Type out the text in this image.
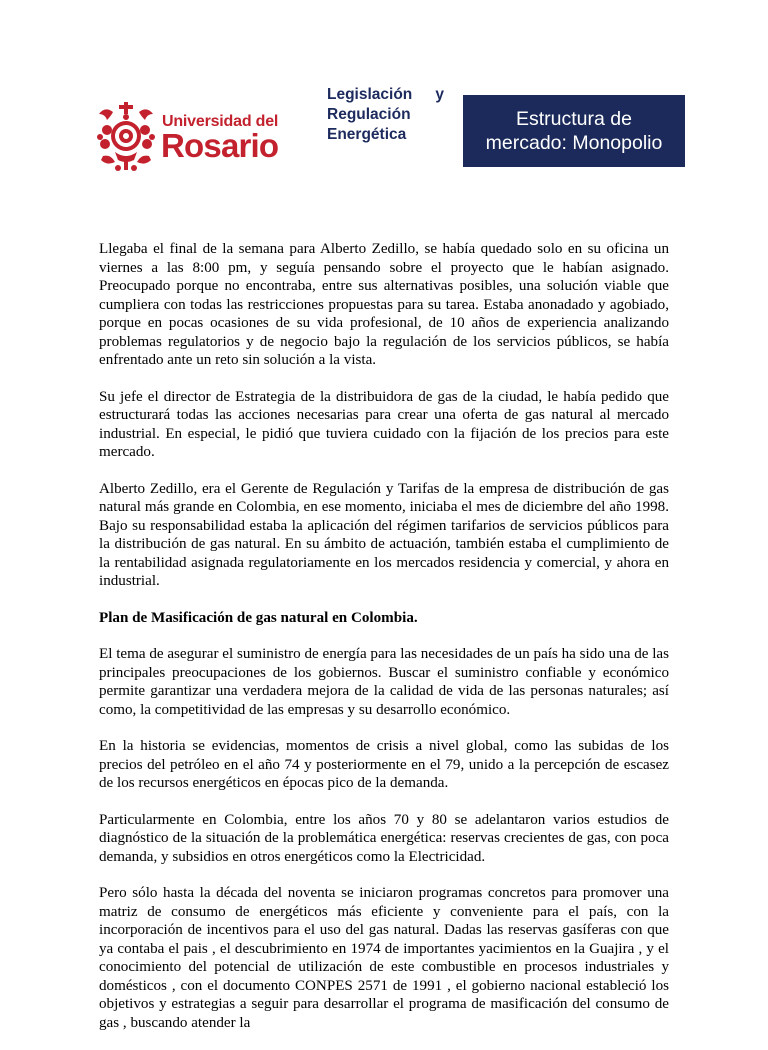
Universidad del
Rosario
Legislación y
Regulación
Energética
Estructura de
mercado: Monopolio

Llegaba el final de la semana para Alberto Zedillo, se había quedado solo en su oficina un viernes a las 8:00 pm, y seguía pensando sobre el proyecto que le habían asignado. Preocupado porque no encontraba, entre sus alternativas posibles, una solución viable que cumpliera con todas las restricciones propuestas para su tarea. Estaba anonadado y agobiado, porque en pocas ocasiones de su vida profesional, de 10 años de experiencia analizando problemas regulatorios y de negocio bajo la regulación de los servicios públicos, se había enfrentado ante un reto sin solución a la vista.

Su jefe el director de Estrategia de la distribuidora de gas de la ciudad, le había pedido que estructurará todas las acciones necesarias para crear una oferta de gas natural al mercado industrial. En especial, le pidió que tuviera cuidado con la fijación de los precios para este mercado.

Alberto Zedillo, era el Gerente de Regulación y Tarifas de la empresa de distribución de gas natural más grande en Colombia, en ese momento, iniciaba el mes de diciembre del año 1998. Bajo su responsabilidad estaba la aplicación del régimen tarifarios de servicios públicos para la distribución de gas natural. En su ámbito de actuación, también estaba el cumplimiento de la rentabilidad asignada regulatoriamente en los mercados residencia y comercial, y ahora en industrial.

Plan de Masificación de gas natural en Colombia.

El tema de asegurar el suministro de energía para las necesidades de un país ha sido una de las principales preocupaciones de los gobiernos. Buscar el suministro confiable y económico permite garantizar una verdadera mejora de la calidad de vida de las personas naturales; así como, la competitividad de las empresas y su desarrollo económico.

En la historia se evidencias, momentos de crisis a nivel global, como las subidas de los precios del petróleo en el año 74 y posteriormente en el 79, unido a la percepción de escasez de los recursos energéticos en épocas pico de la demanda.

Particularmente en Colombia, entre los años 70 y 80 se adelantaron varios estudios de diagnóstico de la situación de la problemática energética: reservas crecientes de gas, con poca demanda, y subsidios en otros energéticos como la Electricidad.

Pero sólo hasta la década del noventa se iniciaron programas concretos para promover una matriz de consumo de energéticos más eficiente y conveniente para el país, con la incorporación de incentivos para el uso del gas natural. Dadas las reservas gasíferas con que ya contaba el pais , el descubrimiento en 1974 de importantes yacimientos en la Guajira , y el conocimiento del potencial de utilización de este combustible en procesos industriales y domésticos , con el documento CONPES 2571 de 1991 , el gobierno nacional estableció los objetivos y estrategias a seguir para desarrollar el programa de masificación del consumo de gas , buscando atender la
